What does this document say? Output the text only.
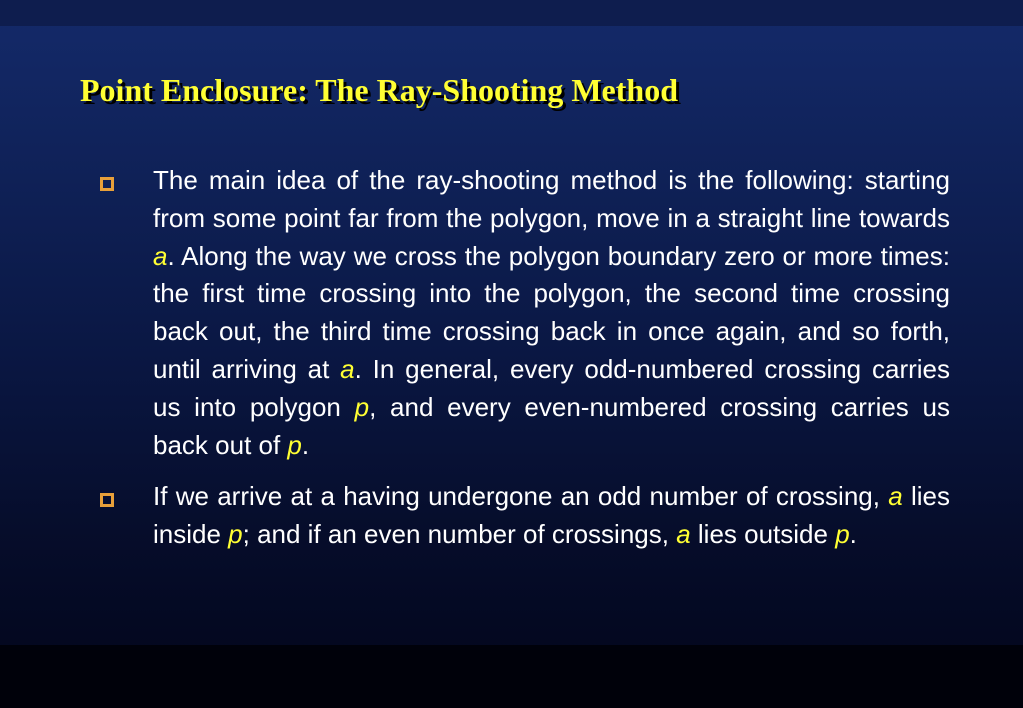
Point Enclosure: The Ray-Shooting Method

The main idea of the ray-shooting method is the following: starting from some point far from the polygon, move in a straight line towards a. Along the way we cross the polygon boundary zero or more times: the first time crossing into the polygon, the second time crossing back out, the third time crossing back in once again, and so forth, until arriving at a. In general, every odd-numbered crossing carries us into polygon p, and every even-numbered crossing carries us back out of p.

If we arrive at a having undergone an odd number of crossing, a lies inside p; and if an even number of crossings, a lies outside p.
